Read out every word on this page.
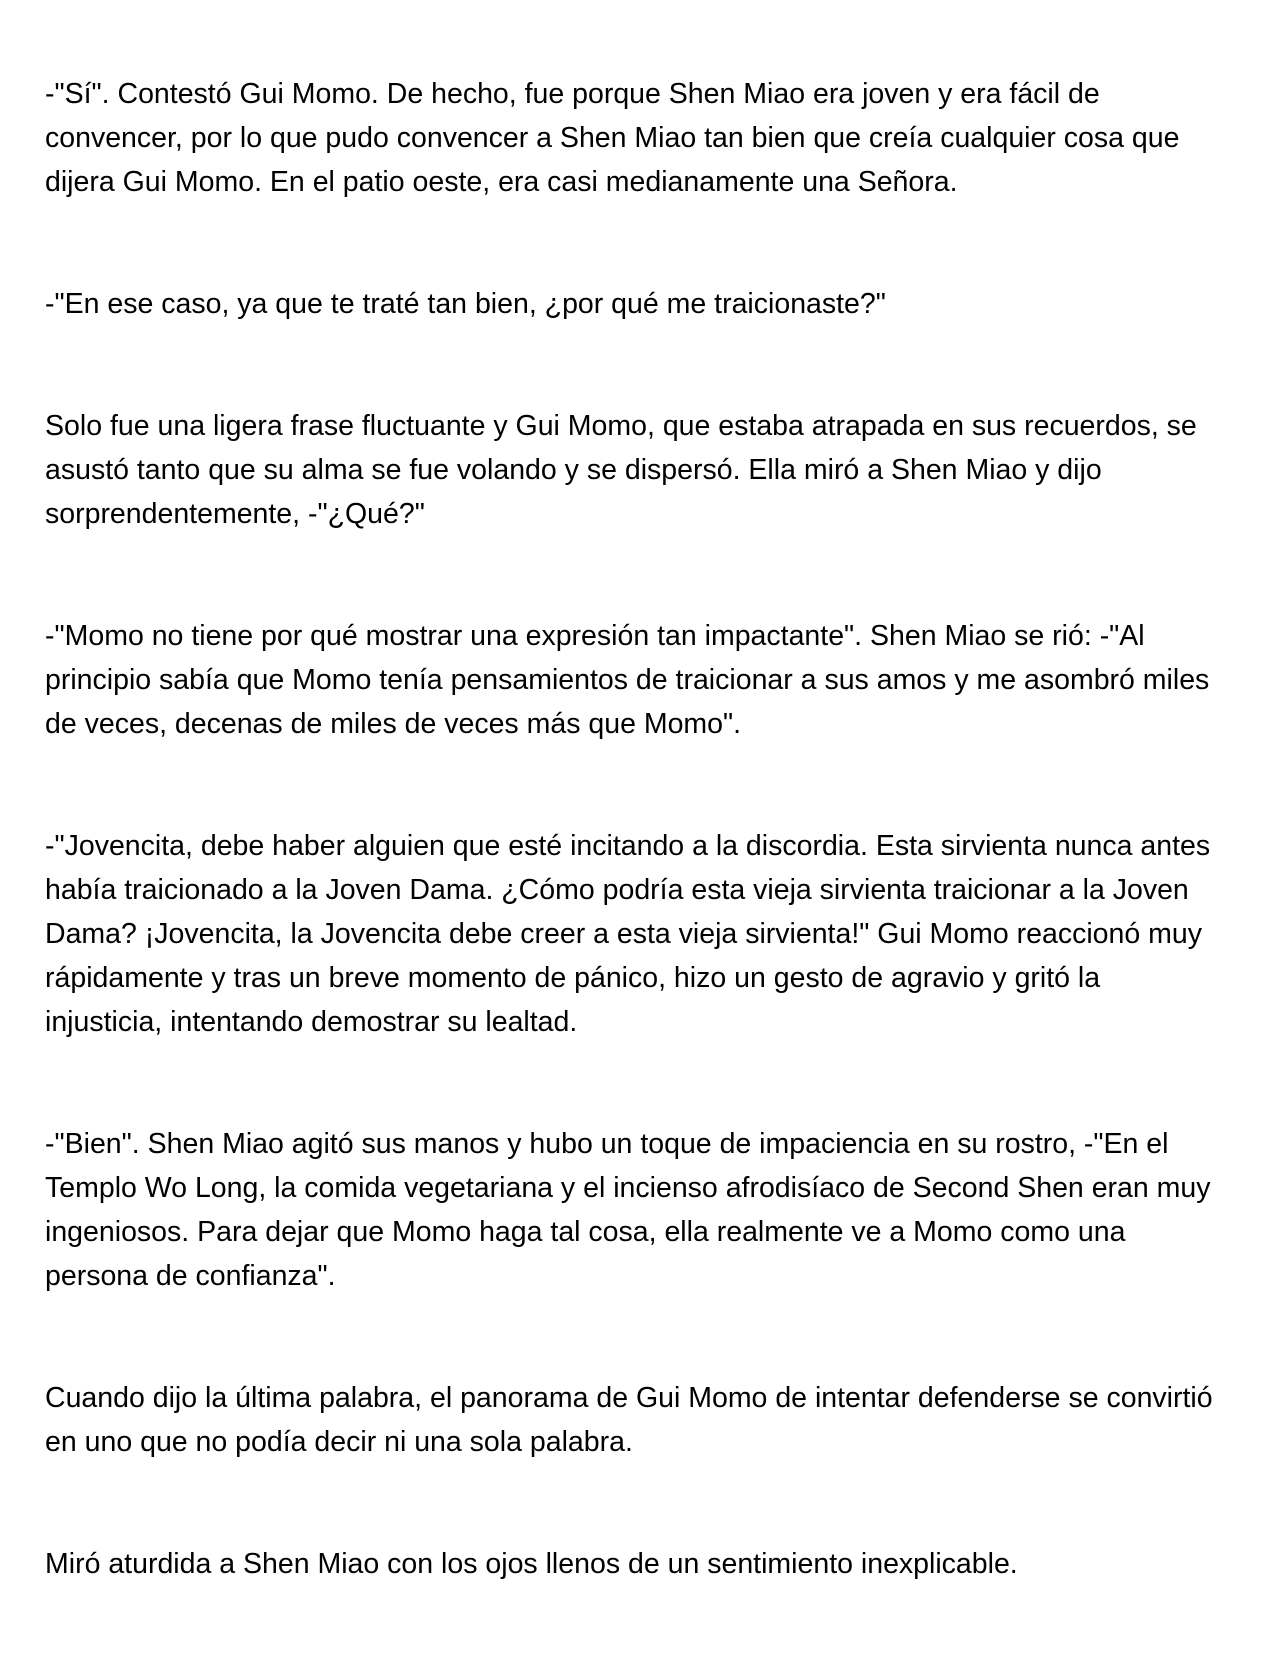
-"Sí". Contestó Gui Momo. De hecho, fue porque Shen Miao era joven y era fácil de convencer, por lo que pudo convencer a Shen Miao tan bien que creía cualquier cosa que dijera Gui Momo. En el patio oeste, era casi medianamente una Señora.

-"En ese caso, ya que te traté tan bien, ¿por qué me traicionaste?"

Solo fue una ligera frase fluctuante y Gui Momo, que estaba atrapada en sus recuerdos, se asustó tanto que su alma se fue volando y se dispersó. Ella miró a Shen Miao y dijo sorprendentemente, -"¿Qué?"

-"Momo no tiene por qué mostrar una expresión tan impactante". Shen Miao se rió: -"Al principio sabía que Momo tenía pensamientos de traicionar a sus amos y me asombró miles de veces, decenas de miles de veces más que Momo".

-"Jovencita, debe haber alguien que esté incitando a la discordia. Esta sirvienta nunca antes había traicionado a la Joven Dama. ¿Cómo podría esta vieja sirvienta traicionar a la Joven Dama? ¡Jovencita, la Jovencita debe creer a esta vieja sirvienta!" Gui Momo reaccionó muy rápidamente y tras un breve momento de pánico, hizo un gesto de agravio y gritó la injusticia, intentando demostrar su lealtad.

-"Bien". Shen Miao agitó sus manos y hubo un toque de impaciencia en su rostro, -"En el Templo Wo Long, la comida vegetariana y el incienso afrodisíaco de Second Shen eran muy ingeniosos. Para dejar que Momo haga tal cosa, ella realmente ve a Momo como una persona de confianza".

Cuando dijo la última palabra, el panorama de Gui Momo de intentar defenderse se convirtió en uno que no podía decir ni una sola palabra.

Miró aturdida a Shen Miao con los ojos llenos de un sentimiento inexplicable.
